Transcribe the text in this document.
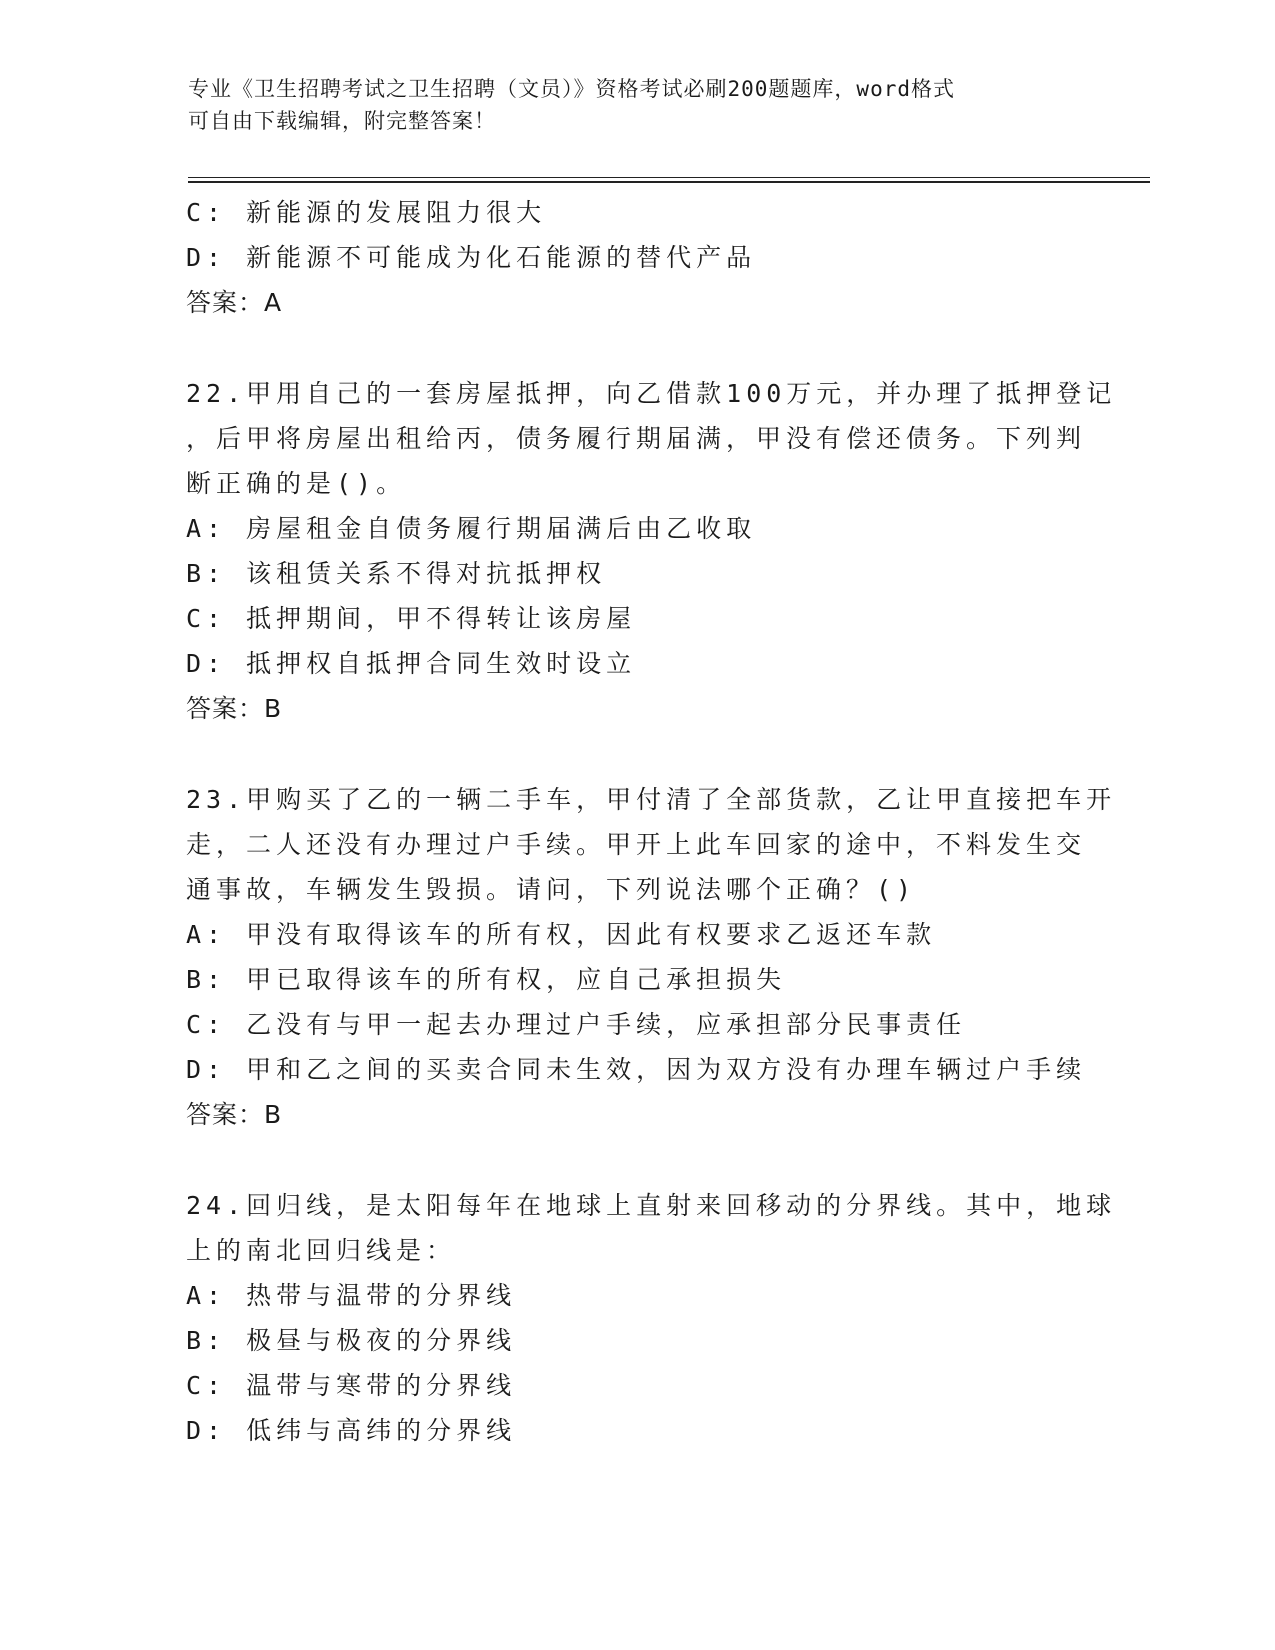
专业《卫生招聘考试之卫生招聘（文员）》资格考试必刷200题题库，word格式
可自由下载编辑，附完整答案！
C: 新能源的发展阻力很大
D: 新能源不可能成为化石能源的替代产品
答案：A
22.甲用自己的一套房屋抵押，向乙借款100万元，并办理了抵押登记
，后甲将房屋出租给丙，债务履行期届满，甲没有偿还债务。下列判
断正确的是()。
A: 房屋租金自债务履行期届满后由乙收取
B: 该租赁关系不得对抗抵押权
C: 抵押期间，甲不得转让该房屋
D: 抵押权自抵押合同生效时设立
答案：B
23.甲购买了乙的一辆二手车，甲付清了全部货款，乙让甲直接把车开
走，二人还没有办理过户手续。甲开上此车回家的途中，不料发生交
通事故，车辆发生毁损。请问，下列说法哪个正确？()
A: 甲没有取得该车的所有权，因此有权要求乙返还车款
B: 甲已取得该车的所有权，应自己承担损失
C: 乙没有与甲一起去办理过户手续，应承担部分民事责任
D: 甲和乙之间的买卖合同未生效，因为双方没有办理车辆过户手续
答案：B
24.回归线，是太阳每年在地球上直射来回移动的分界线。其中，地球
上的南北回归线是：
A: 热带与温带的分界线
B: 极昼与极夜的分界线
C: 温带与寒带的分界线
D: 低纬与高纬的分界线
